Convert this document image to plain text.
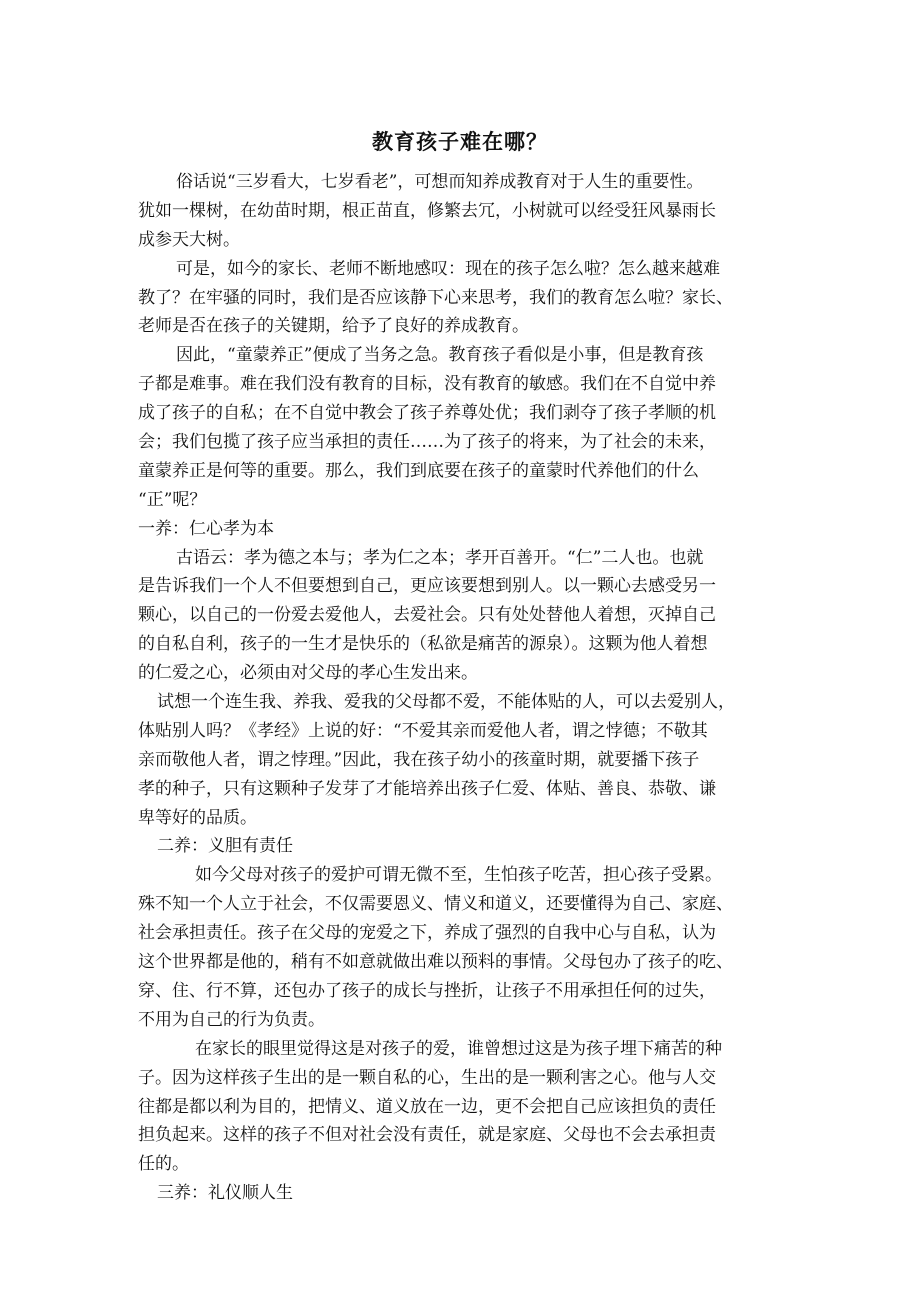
教育孩子难在哪？
俗话说“三岁看大，七岁看老”，可想而知养成教育对于人生的重要性。
犹如一棵树，在幼苗时期，根正苗直，修繁去冗，小树就可以经受狂风暴雨长
成参天大树。
可是，如今的家长、老师不断地感叹：现在的孩子怎么啦？怎么越来越难
教了？在牢骚的同时，我们是否应该静下心来思考，我们的教育怎么啦？家长、
老师是否在孩子的关键期，给予了良好的养成教育。
因此，“童蒙养正”便成了当务之急。教育孩子看似是小事，但是教育孩
子都是难事。难在我们没有教育的目标，没有教育的敏感。我们在不自觉中养
成了孩子的自私；在不自觉中教会了孩子养尊处优；我们剥夺了孩子孝顺的机
会；我们包揽了孩子应当承担的责任……为了孩子的将来，为了社会的未来，
童蒙养正是何等的重要。那么，我们到底要在孩子的童蒙时代养他们的什么
“正”呢？
一养：仁心孝为本
古语云：孝为德之本与；孝为仁之本；孝开百善开。“仁”二人也。也就
是告诉我们一个人不但要想到自己，更应该要想到别人。以一颗心去感受另一
颗心，以自己的一份爱去爱他人，去爱社会。只有处处替他人着想，灭掉自己
的自私自利，孩子的一生才是快乐的（私欲是痛苦的源泉）。这颗为他人着想
的仁爱之心，必须由对父母的孝心生发出来。
试想一个连生我、养我、爱我的父母都不爱，不能体贴的人，可以去爱别人，
体贴别人吗？《孝经》上说的好：“不爱其亲而爱他人者，谓之悖德；不敬其
亲而敬他人者，谓之悖理。”因此，我在孩子幼小的孩童时期，就要播下孩子
孝的种子，只有这颗种子发芽了才能培养出孩子仁爱、体贴、善良、恭敬、谦
卑等好的品质。
二养：义胆有责任
如今父母对孩子的爱护可谓无微不至，生怕孩子吃苦，担心孩子受累。
殊不知一个人立于社会，不仅需要恩义、情义和道义，还要懂得为自己、家庭、
社会承担责任。孩子在父母的宠爱之下，养成了强烈的自我中心与自私，认为
这个世界都是他的，稍有不如意就做出难以预料的事情。父母包办了孩子的吃、
穿、住、行不算，还包办了孩子的成长与挫折，让孩子不用承担任何的过失，
不用为自己的行为负责。
在家长的眼里觉得这是对孩子的爱，谁曾想过这是为孩子埋下痛苦的种
子。因为这样孩子生出的是一颗自私的心，生出的是一颗利害之心。他与人交
往都是都以利为目的，把情义、道义放在一边，更不会把自己应该担负的责任
担负起来。这样的孩子不但对社会没有责任，就是家庭、父母也不会去承担责
任的。
三养：礼仪顺人生
